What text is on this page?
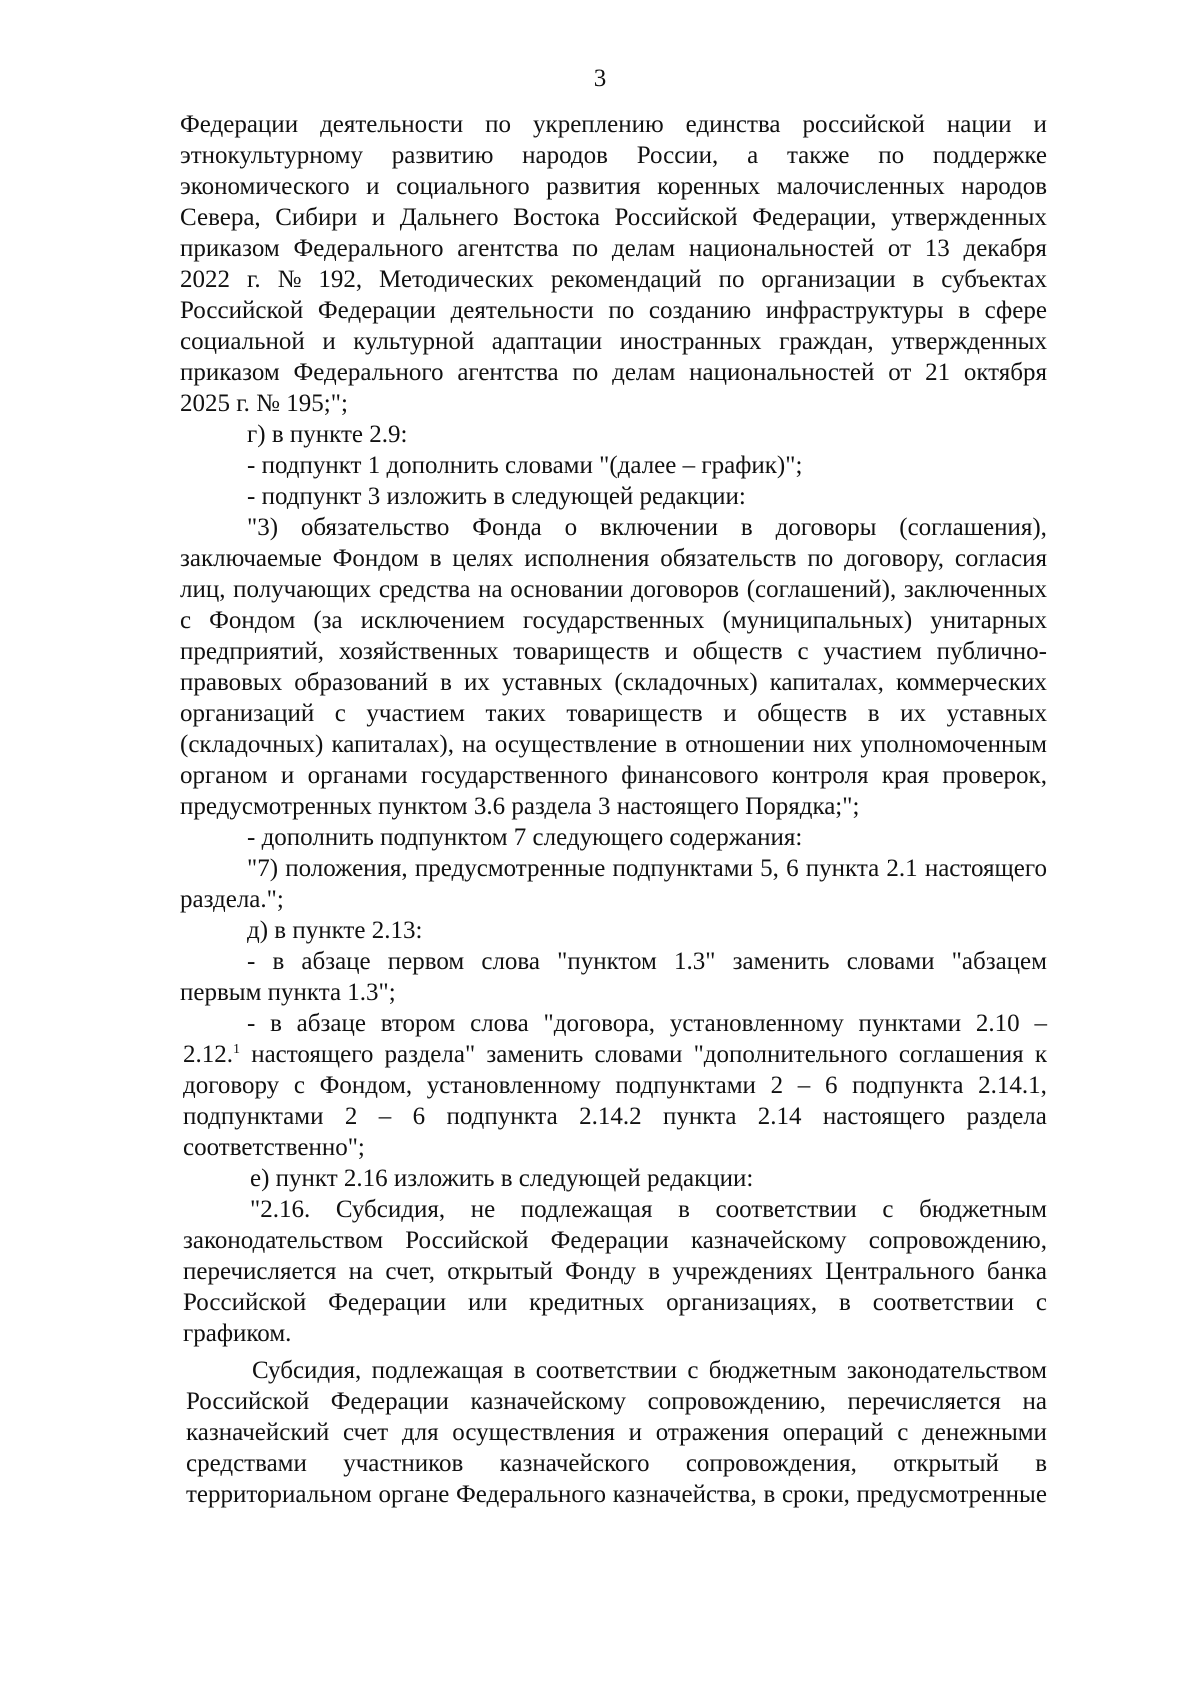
3
Федерации деятельности по укреплению единства российской нации и
этнокультурному развитию народов России, а также по поддержке
экономического и социального развития коренных малочисленных народов
Севера, Сибири и Дальнего Востока Российской Федерации, утвержденных
приказом Федерального агентства по делам национальностей от 13 декабря
2022 г. № 192, Методических рекомендаций по организации в субъектах
Российской Федерации деятельности по созданию инфраструктуры в сфере
социальной и культурной адаптации иностранных граждан, утвержденных
приказом Федерального агентства по делам национальностей от 21 октября
2025 г. № 195;";
г) в пункте 2.9:
- подпункт 1 дополнить словами "(далее – график)";
- подпункт 3 изложить в следующей редакции:
"3) обязательство Фонда о включении в договоры (соглашения),
заключаемые Фондом в целях исполнения обязательств по договору, согласия
лиц, получающих средства на основании договоров (соглашений), заключенных
с Фондом (за исключением государственных (муниципальных) унитарных
предприятий, хозяйственных товариществ и обществ с участием публично-
правовых образований в их уставных (складочных) капиталах, коммерческих
организаций с участием таких товариществ и обществ в их уставных
(складочных) капиталах), на осуществление в отношении них уполномоченным
органом и органами государственного финансового контроля края проверок,
предусмотренных пунктом 3.6 раздела 3 настоящего Порядка;";
- дополнить подпунктом 7 следующего содержания:
"7) положения, предусмотренные подпунктами 5, 6 пункта 2.1 настоящего
раздела.";
д) в пункте 2.13:
- в абзаце первом слова "пунктом 1.3" заменить словами "абзацем
первым пункта 1.3";
- в абзаце втором слова "договора, установленному пунктами 2.10 –
договору с Фондом, установленному подпунктами 2 – 6 подпункта 2.14.1,
подпунктами 2 – 6 подпункта 2.14.2 пункта 2.14 настоящего раздела
соответственно";
е) пункт 2.16 изложить в следующей редакции:
"2.16. Субсидия, не подлежащая в соответствии с бюджетным
законодательством Российской Федерации казначейскому сопровождению,
перечисляется на счет, открытый Фонду в учреждениях Центрального банка
Российской Федерации или кредитных организациях, в соответствии с
графиком.
Субсидия, подлежащая в соответствии с бюджетным законодательством
Российской Федерации казначейскому сопровождению, перечисляется на
казначейский счет для осуществления и отражения операций с денежными
средствами участников казначейского сопровождения, открытый в
территориальном органе Федерального казначейства, в сроки, предусмотренные
2.12.$^1$ настоящего раздела" заменить словами "дополнительного соглашения к
